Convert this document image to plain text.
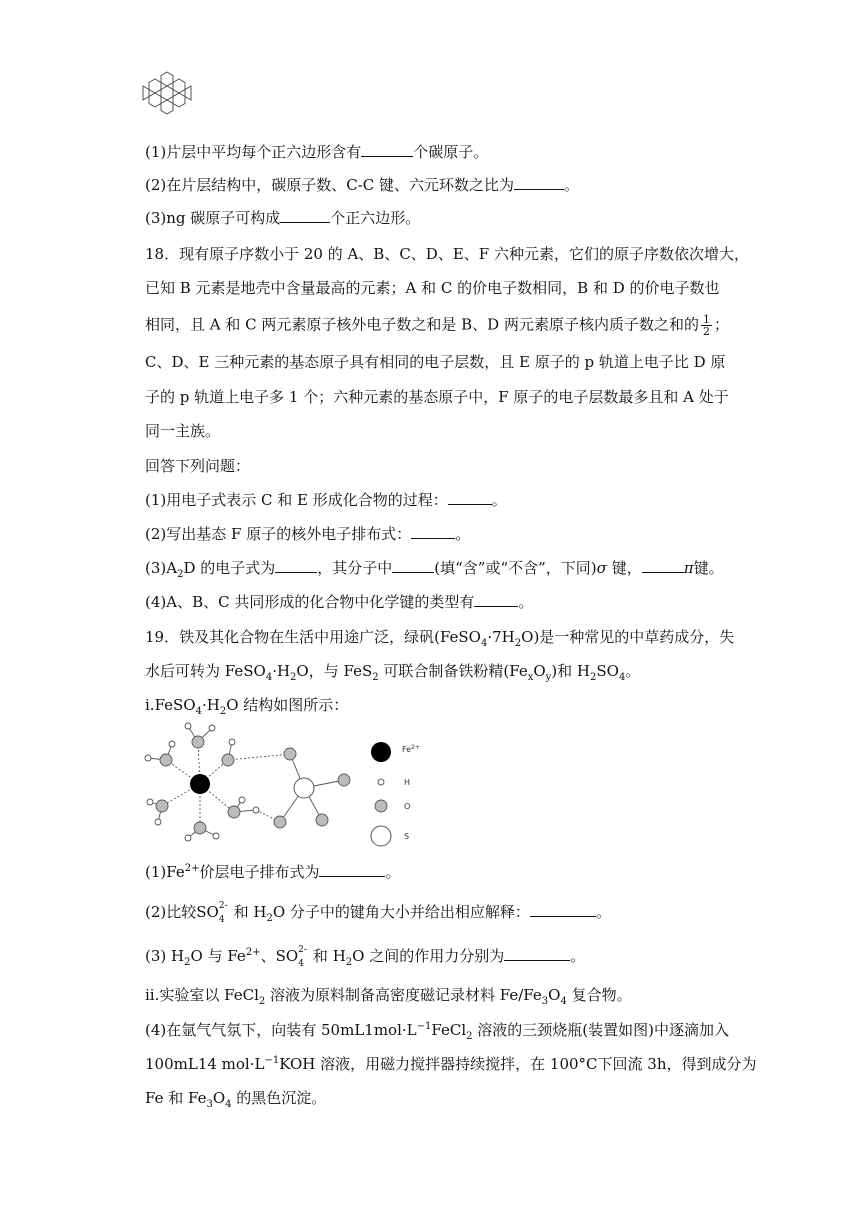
(1)片层中平均每个正六边形含有	个碳原子。
(2)在片层结构中，碳原子数、C-C 键、六元环数之比为	。
(3)ng 碳原子可构成	个正六边形。
18．现有原子序数小于 20 的 A、B、C、D、E、F 六种元素，它们的原子序数依次增大，
已知 B 元素是地壳中含量最高的元素；A 和 C 的价电子数相同，B 和 D 的价电子数也
相同，且 A 和 C 两元素原子核外电子数之和是 B、D 两元素原子核内质子数之和的 $\frac{1}{2}$ ；
C、D、E 三种元素的基态原子具有相同的电子层数，且 E 原子的 p 轨道上电子比 D 原
子的 p 轨道上电子多 1 个；六种元素的基态原子中，F 原子的电子层数最多且和 A 处于
同一主族。
回答下列问题：
(1)用电子式表示 C 和 E 形成化合物的过程：	。
(2)写出基态 F 原子的核外电子排布式：	。
$(3)A_2D$ 的电子式为	，其分子中	(填“含”或“不含”，下同)σ 键，	π键。
(4)A、B、C 共同形成的化合物中化学键的类型有	。
19．铁及其化合物在生活中用途广泛，绿矾$(FeSO_4\cdot 7H_2O)$是一种常见的中草药成分，失
水后可转为 $FeSO_4\cdot H_2O$，与 FeS$_2$ 可联合制备铁粉精$(Fe_xO_y)$和 $H_2SO_4$。
$i.FeSO_4\cdot H_2O$ 结构如图所示：
$Fe^{2+}$
H
O
S
$(1)Fe^{2+}$价层电子排布式为	。
(2)比较SO 2-
4 和 $H_2O$ 分子中的键角大小并给出相应解释：	。
(3) $H_2O$ 与 $Fe^{2+}$、SO 2-
4 和 $H_2O$ 之间的作用力分别为	。
ii.实验室以 FeCl$_2$ 溶液为原料制备高密度磁记录材料 $Fe/Fe_3O_4$ 复合物。
(4)在氩气气氛下，向装有 $50mL1mol\cdot L^{-1}FeCl_2$ 溶液的三颈烧瓶(装置如图)中逐滴加入
100mL14 $mol\cdot L^{-1}KOH$ 溶液，用磁力搅拌器持续搅拌，在 100°C下回流 3h，得到成分为
Fe 和 $Fe_3O_4$ 的黑色沉淀。
